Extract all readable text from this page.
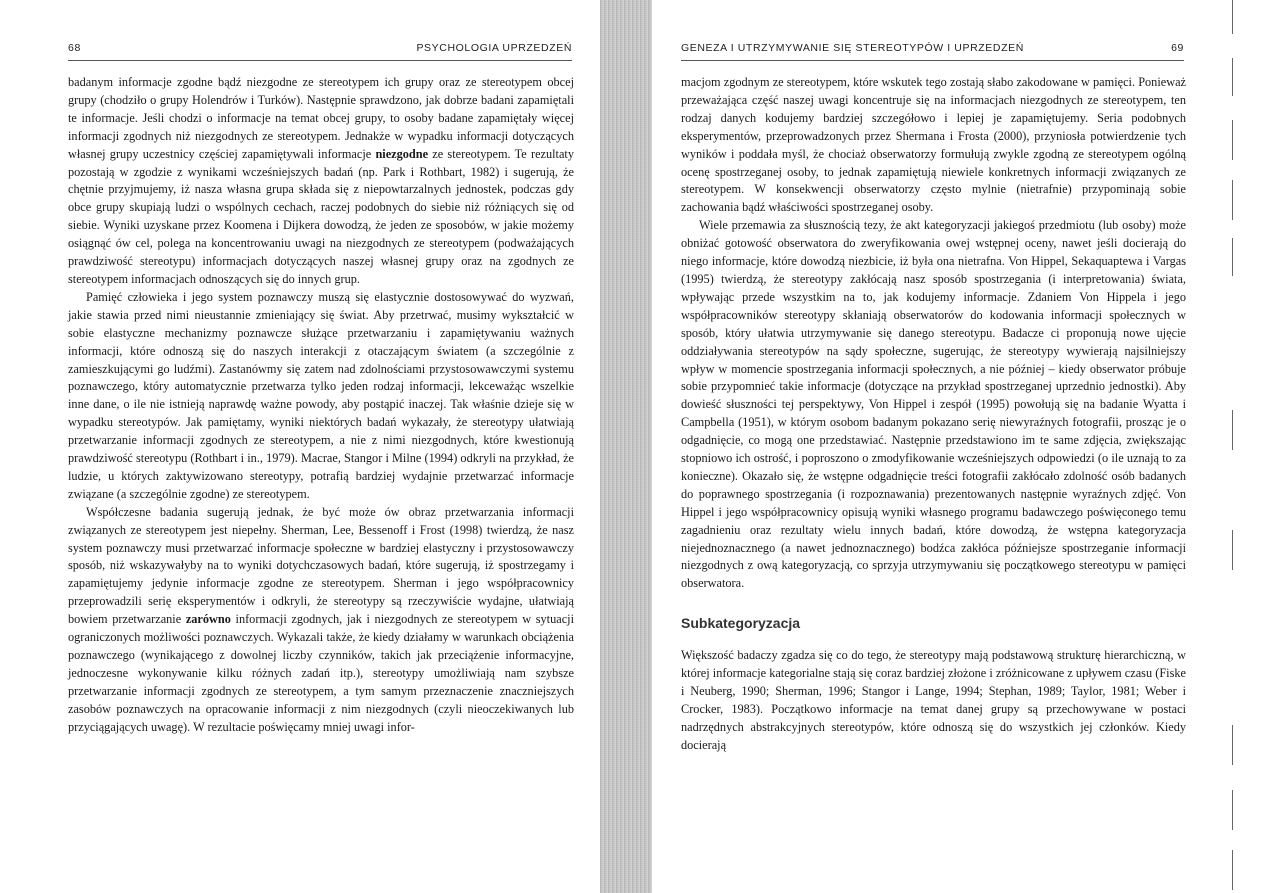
68	PSYCHOLOGIA UPRZEDZEŃ

badanym informacje zgodne bądź niezgodne ze stereotypem ich grupy oraz ze stereotypem obcej grupy (chodziło o grupy Holendrów i Turków). Następnie sprawdzono, jak dobrze badani zapamiętali te informacje. Jeśli chodzi o informacje na temat obcej grupy, to osoby badane zapamiętały więcej informacji zgodnych niż niezgodnych ze stereotypem. Jednakże w wypadku informacji dotyczących własnej grupy uczestnicy częściej zapamiętywali informacje niezgodne ze stereotypem. Te rezultaty pozostają w zgodzie z wynikami wcześniejszych badań (np. Park i Rothbart, 1982) i sugerują, że chętnie przyjmujemy, iż nasza własna grupa składa się z niepowtarzalnych jednostek, podczas gdy obce grupy skupiają ludzi o wspólnych cechach, raczej podobnych do siebie niż różniących się od siebie. Wyniki uzyskane przez Koomena i Dijkera dowodzą, że jeden ze sposobów, w jakie możemy osiągnąć ów cel, polega na koncentrowaniu uwagi na niezgodnych ze stereotypem (podważających prawdziwość stereotypu) informacjach dotyczących naszej własnej grupy oraz na zgodnych ze stereotypem informacjach odnoszących się do innych grup.

Pamięć człowieka i jego system poznawczy muszą się elastycznie dostosowywać do wyzwań, jakie stawia przed nimi nieustannie zmieniający się świat. Aby przetrwać, musimy wykształcić w sobie elastyczne mechanizmy poznawcze służące przetwarzaniu i zapamiętywaniu ważnych informacji, które odnoszą się do naszych interakcji z otaczającym światem (a szczególnie z zamieszkującymi go ludźmi). Zastanówmy się zatem nad zdolnościami przystosowawczymi systemu poznawczego, który automatycznie przetwarza tylko jeden rodzaj informacji, lekceważąc wszelkie inne dane, o ile nie istnieją naprawdę ważne powody, aby postąpić inaczej. Tak właśnie dzieje się w wypadku stereotypów. Jak pamiętamy, wyniki niektórych badań wykazały, że stereotypy ułatwiają przetwarzanie informacji zgodnych ze stereotypem, a nie z nimi niezgodnych, które kwestionują prawdziwość stereotypu (Rothbart i in., 1979). Macrae, Stangor i Milne (1994) odkryli na przykład, że ludzie, u których zaktywizowano stereotypy, potrafią bardziej wydajnie przetwarzać informacje związane (a szczególnie zgodne) ze stereotypem.

Współczesne badania sugerują jednak, że być może ów obraz przetwarzania informacji związanych ze stereotypem jest niepełny. Sherman, Lee, Bessenoff i Frost (1998) twierdzą, że nasz system poznawczy musi przetwarzać informacje społeczne w bardziej elastyczny i przystosowawczy sposób, niż wskazywałyby na to wyniki dotychczasowych badań, które sugerują, iż spostrzegamy i zapamiętujemy jedynie informacje zgodne ze stereotypem. Sherman i jego współpracownicy przeprowadzili serię eksperymentów i odkryli, że stereotypy są rzeczywiście wydajne, ułatwiają bowiem przetwarzanie zarówno informacji zgodnych, jak i niezgodnych ze stereotypem w sytuacji ograniczonych możliwości poznawczych. Wykazali także, że kiedy działamy w warunkach obciążenia poznawczego (wynikającego z dowolnej liczby czynników, takich jak przeciążenie informacyjne, jednoczesne wykonywanie kilku różnych zadań itp.), stereotypy umożliwiają nam szybsze przetwarzanie informacji zgodnych ze stereotypem, a tym samym przeznaczenie znaczniejszych zasobów poznawczych na opracowanie informacji z nim niezgodnych (czyli nieoczekiwanych lub przyciągających uwagę). W rezultacie poświęcamy mniej uwagi infor-

GENEZA I UTRZYMYWANIE SIĘ STEREOTYPÓW I UPRZEDZEŃ	69

macjom zgodnym ze stereotypem, które wskutek tego zostają słabo zakodowane w pamięci. Ponieważ przeważająca część naszej uwagi koncentruje się na informacjach niezgodnych ze stereotypem, ten rodzaj danych kodujemy bardziej szczegółowo i lepiej je zapamiętujemy. Seria podobnych eksperymentów, przeprowadzonych przez Shermana i Frosta (2000), przyniosła potwierdzenie tych wyników i poddała myśl, że chociaż obserwatorzy formułują zwykle zgodną ze stereotypem ogólną ocenę spostrzeganej osoby, to jednak zapamiętują niewiele konkretnych informacji związanych ze stereotypem. W konsekwencji obserwatorzy często mylnie (nietrafnie) przypominają sobie zachowania bądź właściwości spostrzeganej osoby.

Wiele przemawia za słusznością tezy, że akt kategoryzacji jakiegoś przedmiotu (lub osoby) może obniżać gotowość obserwatora do zweryfikowania owej wstępnej oceny, nawet jeśli docierają do niego informacje, które dowodzą niezbicie, iż była ona nietrafna. Von Hippel, Sekaquaptewa i Vargas (1995) twierdzą, że stereotypy zakłócają nasz sposób spostrzegania (i interpretowania) świata, wpływając przede wszystkim na to, jak kodujemy informacje. Zdaniem Von Hippela i jego współpracowników stereotypy skłaniają obserwatorów do kodowania informacji społecznych w sposób, który ułatwia utrzymywanie się danego stereotypu. Badacze ci proponują nowe ujęcie oddziaływania stereotypów na sądy społeczne, sugerując, że stereotypy wywierają najsilniejszy wpływ w momencie spostrzegania informacji społecznych, a nie później – kiedy obserwator próbuje sobie przypomnieć takie informacje (dotyczące na przykład spostrzeganej uprzednio jednostki). Aby dowieść słuszności tej perspektywy, Von Hippel i zespół (1995) powołują się na badanie Wyatta i Campbella (1951), w którym osobom badanym pokazano serię niewyraźnych fotografii, prosząc je o odgadnięcie, co mogą one przedstawiać. Następnie przedstawiono im te same zdjęcia, zwiększając stopniowo ich ostrość, i poproszono o zmodyfikowanie wcześniejszych odpowiedzi (o ile uznają to za konieczne). Okazało się, że wstępne odgadnięcie treści fotografii zakłócało zdolność osób badanych do poprawnego spostrzegania (i rozpoznawania) prezentowanych następnie wyraźnych zdjęć. Von Hippel i jego współpracownicy opisują wyniki własnego programu badawczego poświęconego temu zagadnieniu oraz rezultaty wielu innych badań, które dowodzą, że wstępna kategoryzacja niejednoznacznego (a nawet jednoznacznego) bodźca zakłóca późniejsze spostrzeganie informacji niezgodnych z ową kategoryzacją, co sprzyja utrzymywaniu się początkowego stereotypu w pamięci obserwatora.

Subkategoryzacja

Większość badaczy zgadza się co do tego, że stereotypy mają podstawową strukturę hierarchiczną, w której informacje kategorialne stają się coraz bardziej złożone i zróżnicowane z upływem czasu (Fiske i Neuberg, 1990; Sherman, 1996; Stangor i Lange, 1994; Stephan, 1989; Taylor, 1981; Weber i Crocker, 1983). Początkowo informacje na temat danej grupy są przechowywane w postaci nadrzędnych abstrakcyjnych stereotypów, które odnoszą się do wszystkich jej członków. Kiedy docierają
